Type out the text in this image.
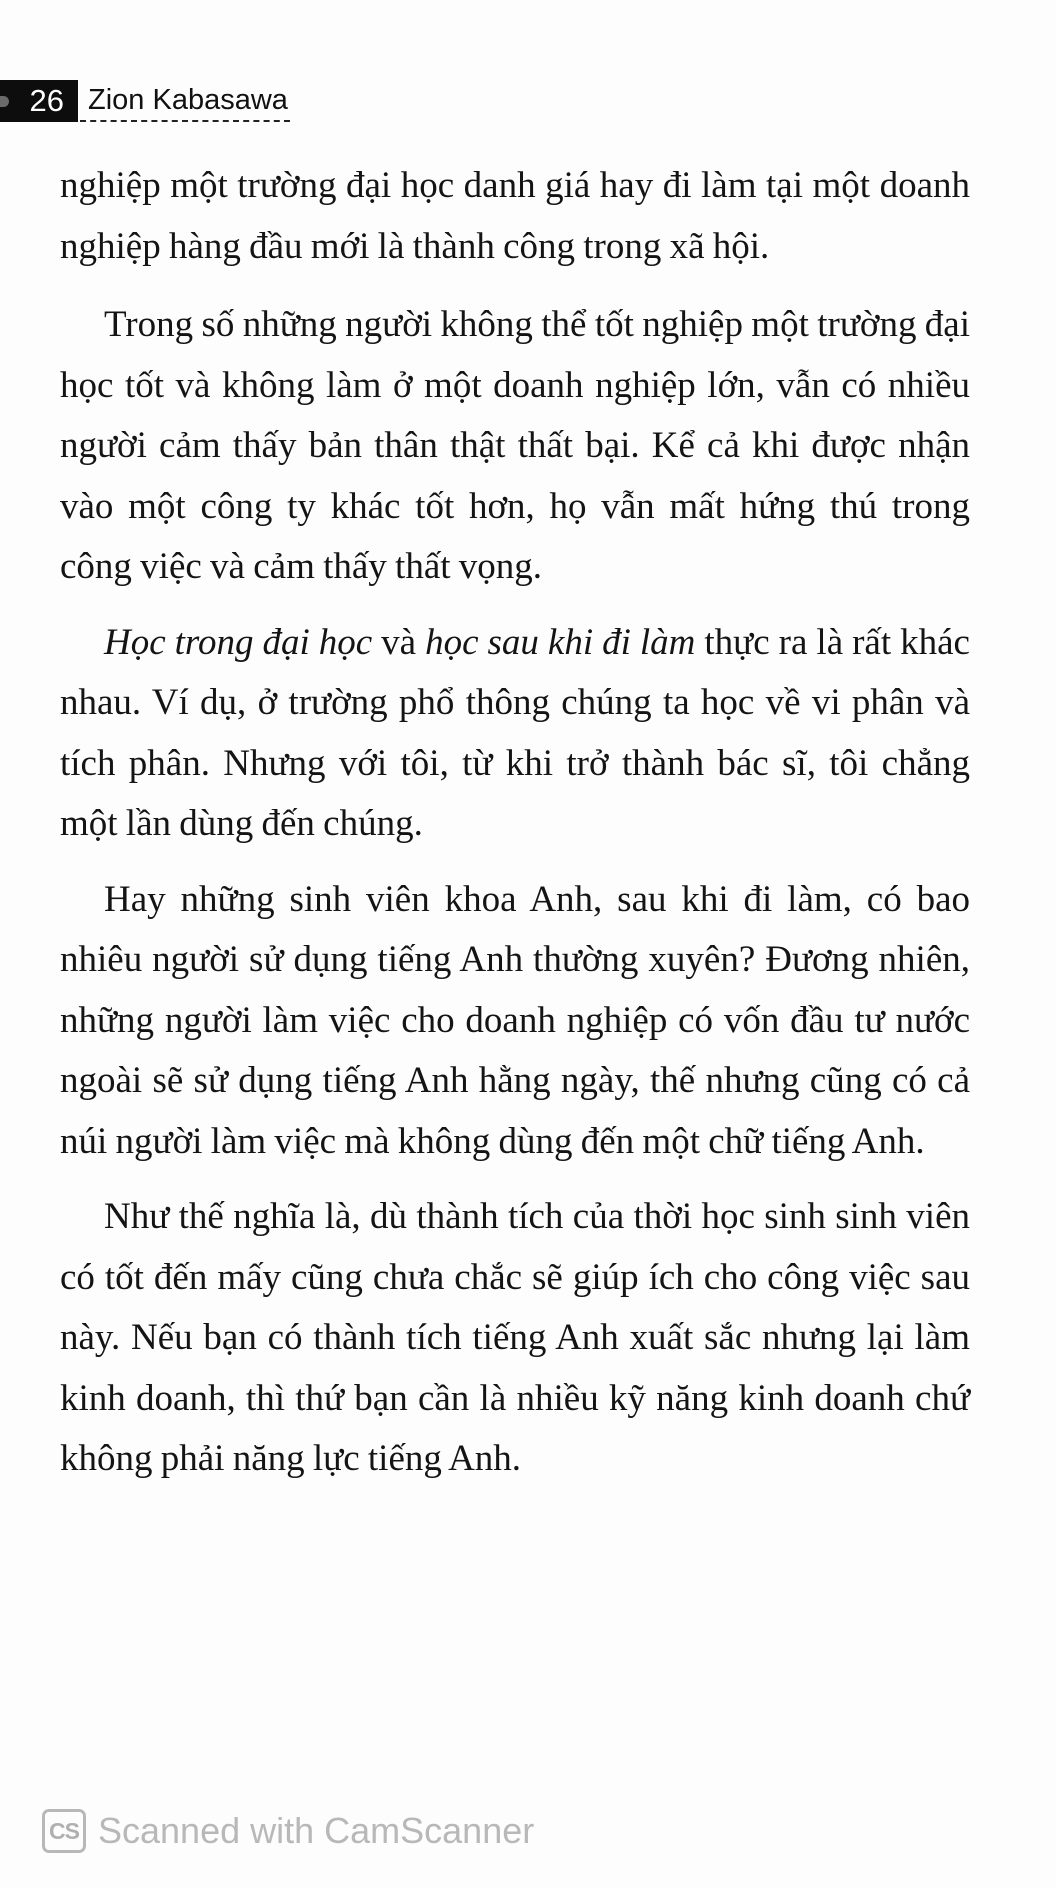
26 Zion Kabasawa

nghiệp một trường đại học danh giá hay đi làm tại một doanh nghiệp hàng đầu mới là thành công trong xã hội.

Trong số những người không thể tốt nghiệp một trường đại học tốt và không làm ở một doanh nghiệp lớn, vẫn có nhiều người cảm thấy bản thân thật thất bại. Kể cả khi được nhận vào một công ty khác tốt hơn, họ vẫn mất hứng thú trong công việc và cảm thấy thất vọng.

Học trong đại học và học sau khi đi làm thực ra là rất khác nhau. Ví dụ, ở trường phổ thông chúng ta học về vi phân và tích phân. Nhưng với tôi, từ khi trở thành bác sĩ, tôi chẳng một lần dùng đến chúng.

Hay những sinh viên khoa Anh, sau khi đi làm, có bao nhiêu người sử dụng tiếng Anh thường xuyên? Đương nhiên, những người làm việc cho doanh nghiệp có vốn đầu tư nước ngoài sẽ sử dụng tiếng Anh hằng ngày, thế nhưng cũng có cả núi người làm việc mà không dùng đến một chữ tiếng Anh.

Như thế nghĩa là, dù thành tích của thời học sinh sinh viên có tốt đến mấy cũng chưa chắc sẽ giúp ích cho công việc sau này. Nếu bạn có thành tích tiếng Anh xuất sắc nhưng lại làm kinh doanh, thì thứ bạn cần là nhiều kỹ năng kinh doanh chứ không phải năng lực tiếng Anh.

CS Scanned with CamScanner
